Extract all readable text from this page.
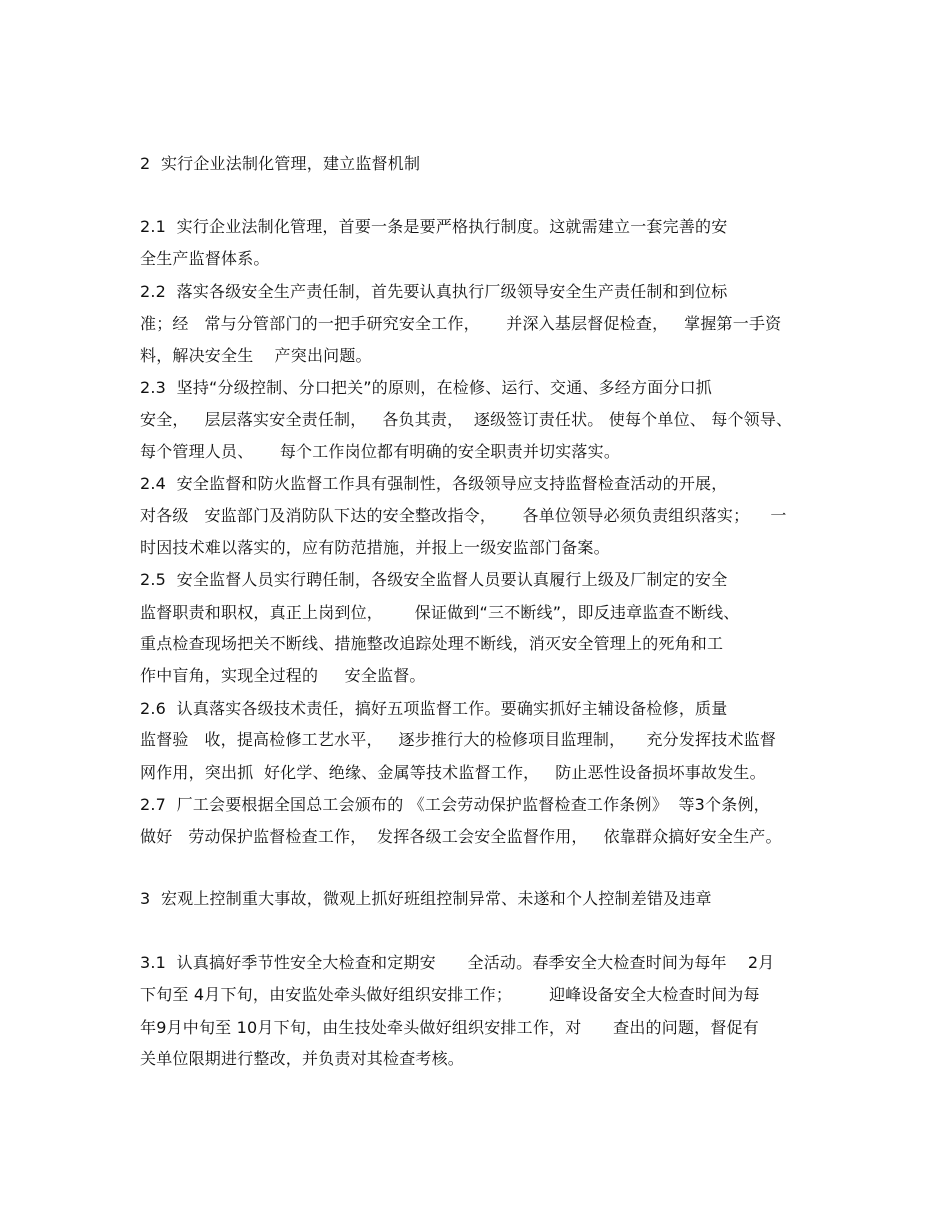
2  实行企业法制化管理，建立监督机制
2.1  实行企业法制化管理，首要一条是要严格执行制度。这就需建立一套完善的安
全生产监督体系。
2.2  落实各级安全生产责任制，首先要认真执行厂级领导安全生产责任制和到位标
准；经   常与分管部门的一把手研究安全工作，     并深入基层督促检查，   掌握第一手资
料，解决安全生    产突出问题。
2.3  坚持“分级控制、分口把关”的原则，在检修、运行、交通、多经方面分口抓
安全，   层层落实安全责任制，   各负其责，  逐级签订责任状。 使每个单位、 每个领导、
每个管理人员、     每个工作岗位都有明确的安全职责并切实落实。
2.4  安全监督和防火监督工作具有强制性，各级领导应支持监督检查活动的开展，
对各级   安监部门及消防队下达的安全整改指令，     各单位领导必须负责组织落实；    一
时因技术难以落实的，应有防范措施，并报上一级安监部门备案。
2.5  安全监督人员实行聘任制，各级安全监督人员要认真履行上级及厂制定的安全
监督职责和职权，真正上岗到位，      保证做到“三不断线”，即反违章监查不断线、
重点检查现场把关不断线、措施整改追踪处理不断线，消灭安全管理上的死角和工
作中盲角，实现全过程的     安全监督。
2.6  认真落实各级技术责任，搞好五项监督工作。要确实抓好主辅设备检修，质量
监督验   收，提高检修工艺水平，   逐步推行大的检修项目监理制，    充分发挥技术监督
网作用，突出抓  好化学、绝缘、金属等技术监督工作，   防止恶性设备损坏事故发生。
2.7  厂工会要根据全国总工会颁布的 《工会劳动保护监督检查工作条例》  等3个条例，
做好   劳动保护监督检查工作，  发挥各级工会安全监督作用，   依靠群众搞好安全生产。
3  宏观上控制重大事故，微观上抓好班组控制异常、未遂和个人控制差错及违章
3.1  认真搞好季节性安全大检查和定期安      全活动。春季安全大检查时间为每年    2月
下旬至 4月下旬，由安监处牵头做好组织安排工作；       迎峰设备安全大检查时间为每
年9月中旬至 10月下旬，由生技处牵头做好组织安排工作，对      查出的问题，督促有
关单位限期进行整改，并负责对其检查考核。
